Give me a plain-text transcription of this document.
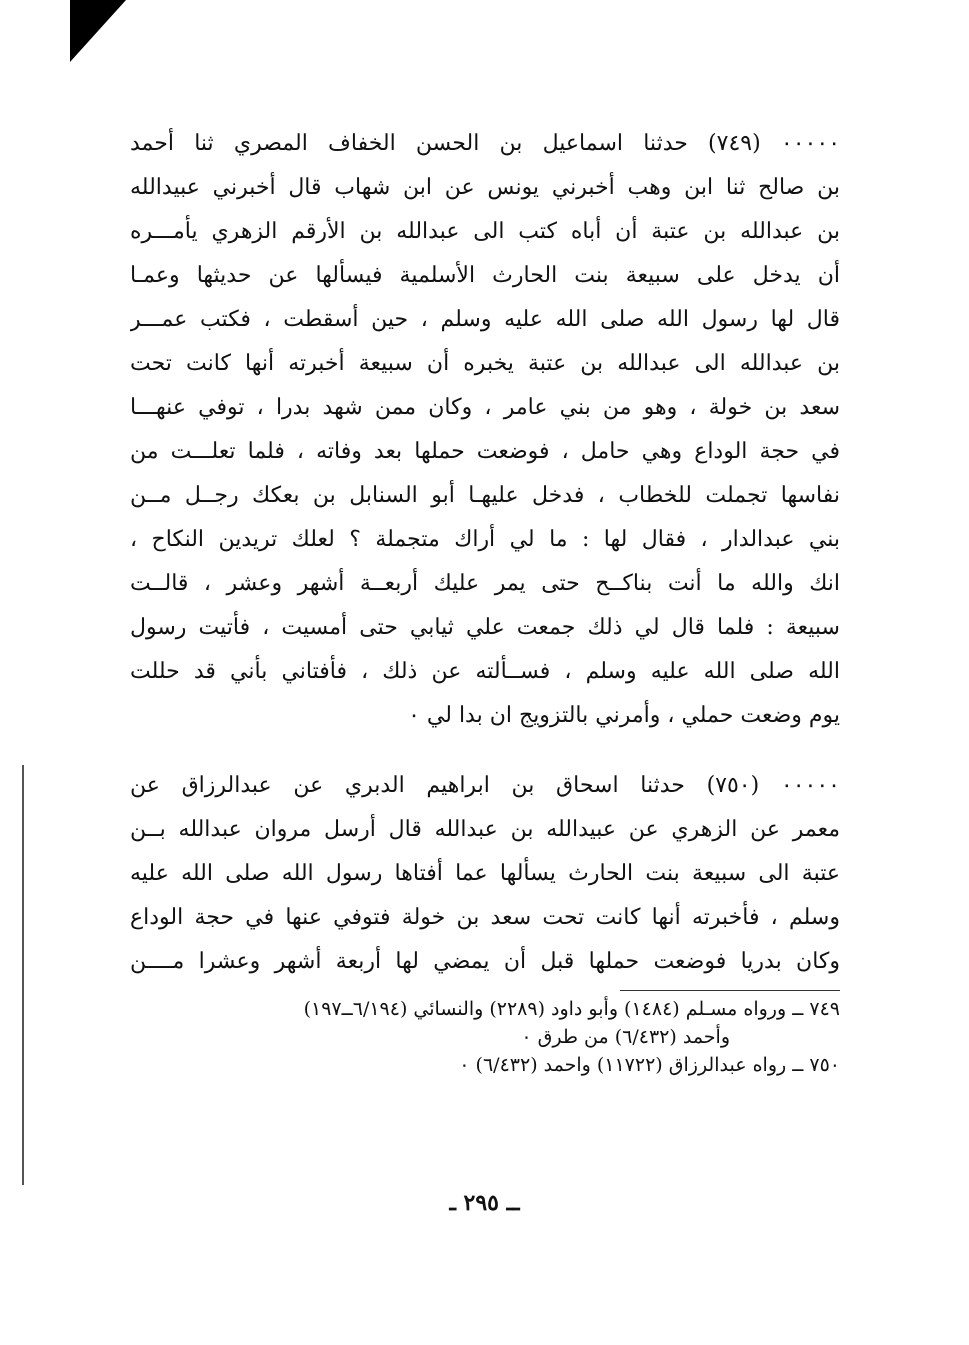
٠٠٠٠٠ (٧٤٩) حدثنا اسماعيل بن الحسن الخفاف المصري ثنا أحمد
بن صالح ثنا ابن وهب أخبرني يونس عن ابن شهاب قال أخبرني عبيدالله
بن عبدالله بن عتبة أن أباه كتب الى عبدالله بن الأرقم الزهري يأمـــره
أن يدخل على سبيعة بنت الحارث الأسلمية فيسألها عن حديثها وعمـا
قال لها رسول الله صلى الله عليه وسلم ، حين أسقطت ، فكتب عمـــر
بن عبدالله الى عبدالله بن عتبة يخبره أن سبيعة أخبرته أنها كانت تحت
سعد بن خولة ، وهو من بني عامر ، وكان ممن شهد بدرا ، توفي عنهـــا
في حجة الوداع وهي حامل ، فوضعت حملها بعد وفاته ، فلما تعلـــت من
نفاسها تجملت للخطاب ، فدخل عليهـا أبو السنابل بن بعكك رجــل مــن
بني عبدالدار ، فقال لها : ما لي أراك متجملة ؟ لعلك تريدين النكاح ،
انك والله ما أنت بناكــح حتى يمر عليك أربعــة أشهر وعشر ، قالــت
سبيعة : فلما قال لي ذلك جمعت علي ثيابي حتى أمسيت ، فأتيت رسول
الله صلى الله عليه وسلم ، فســألته عن ذلك ، فأفتاني بأني قد حللت
يوم وضعت حملي ، وأمرني بالتزويج ان بدا لي ٠
٠٠٠٠٠ (٧٥٠) حدثنا اسحاق بن ابراهيم الدبري عن عبدالرزاق عن
معمر عن الزهري عن عبيدالله بن عبدالله قال أرسل مروان عبدالله بــن
عتبة الى سبيعة بنت الحارث يسألها عما أفتاها رسول الله صلى الله عليه
وسلم ، فأخبرته أنها كانت تحت سعد بن خولة فتوفي عنها في حجة الوداع
وكان بدريا فوضعت حملها قبل أن يمضي لها أربعة أشهر وعشرا مــــن
٧٤٩ ــ ورواه مسـلم (١٤٨٤) وأبو داود (٢٢٨٩) والنسائي (٦/١٩٤ــ١٩٧)
وأحمد (٦/٤٣٢) من طرق ٠
٧٥٠ ــ رواه عبدالرزاق (١١٧٢٢) واحمد (٦/٤٣٢) ٠
ــ ٢٩٥ ـ
